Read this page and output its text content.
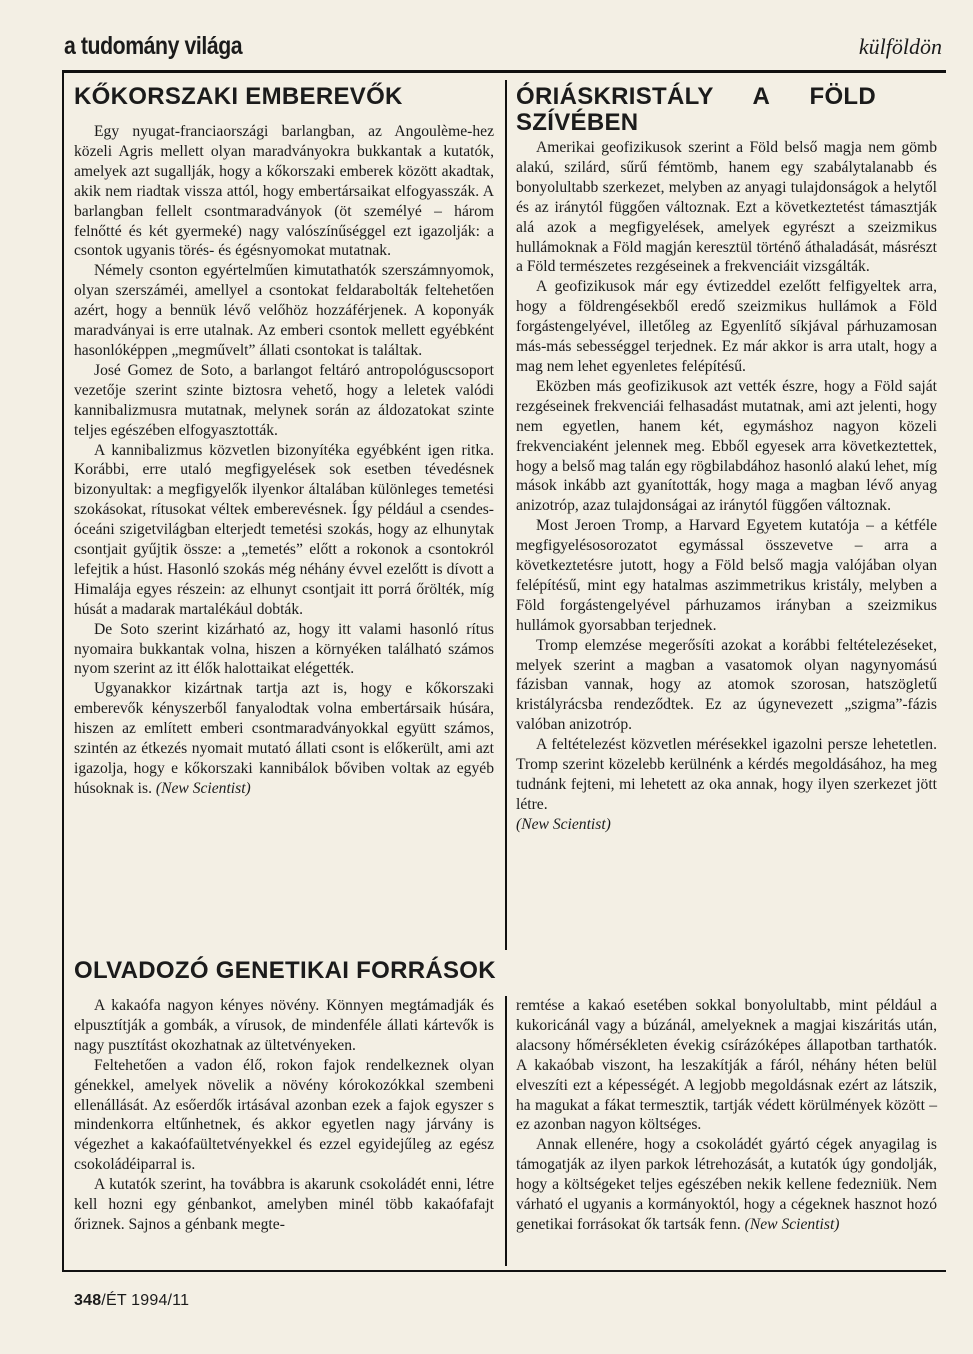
a tudomány világa	külföldön
KŐKORSZAKI EMBEREVŐK

Egy nyugat-franciaországi barlangban, az Angoulème-hez közeli Agris mellett olyan maradványokra bukkantak a kutatók, amelyek azt sugallják, hogy a kőkorszaki emberek között akadtak, akik nem riadtak vissza attól, hogy embertársaikat elfogyasszák. A barlangban fellelt csontmaradványok (öt személyé – három felnőtté és két gyermeké) nagy valószínűséggel ezt igazolják: a csontok ugyanis törés- és égésnyomokat mutatnak.

Némely csonton egyértelműen kimutathatók szerszámnyomok, olyan szerszáméi, amellyel a csontokat feldarabolták feltehetően azért, hogy a bennük lévő velőhöz hozzáférjenek. A koponyák maradványai is erre utalnak. Az emberi csontok mellett egyébként hasonlóképpen „megművelt” állati csontokat is találtak.

José Gomez de Soto, a barlangot feltáró antropológuscsoport vezetője szerint szinte biztosra vehető, hogy a leletek valódi kannibalizmusra mutatnak, melynek során az áldozatokat szinte teljes egészében elfogyasztották.

A kannibalizmus közvetlen bizonyítéka egyébként igen ritka. Korábbi, erre utaló megfigyelések sok esetben tévedésnek bizonyultak: a megfigyelők ilyenkor általában különleges temetési szokásokat, rítusokat véltek emberevésnek. Így például a csendes-óceáni szigetvilágban elterjedt temetési szokás, hogy az elhunytak csontjait gyűjtik össze: a „temetés” előtt a rokonok a csontokról lefejtik a húst. Hasonló szokás még néhány évvel ezelőtt is dívott a Himalája egyes részein: az elhunyt csontjait itt porrá őrölték, míg húsát a madarak martalékául dobták.

De Soto szerint kizárható az, hogy itt valami hasonló rítus nyomaira bukkantak volna, hiszen a környéken található számos nyom szerint az itt élők halottaikat elégették.

Ugyanakkor kizártnak tartja azt is, hogy e kőkorszaki emberevők kényszerből fanyalodtak volna embertársaik húsára, hiszen az említett emberi csontmaradványokkal együtt számos, szintén az étkezés nyomait mutató állati csont is előkerült, ami azt igazolja, hogy e kőkorszaki kannibálok bőviben voltak az egyéb húsoknak is. (New Scientist)

ÓRIÁSKRISTÁLY A FÖLD SZÍVÉBEN

Amerikai geofizikusok szerint a Föld belső magja nem gömb alakú, szilárd, sűrű fémtömb, hanem egy szabálytalanabb és bonyolultabb szerkezet, melyben az anyagi tulajdonságok a helytől és az iránytól függően változnak. Ezt a következtetést támasztják alá azok a megfigyelések, amelyek egyrészt a szeizmikus hullámoknak a Föld magján keresztül történő áthaladását, másrészt a Föld természetes rezgéseinek a frekvenciáit vizsgálták.

A geofizikusok már egy évtizeddel ezelőtt felfigyeltek arra, hogy a földrengésekből eredő szeizmikus hullámok a Föld forgástengelyével, illetőleg az Egyenlítő síkjával párhuzamosan más-más sebességgel terjednek. Ez már akkor is arra utalt, hogy a mag nem lehet egyenletes felépítésű.

Eközben más geofizikusok azt vették észre, hogy a Föld saját rezgéseinek frekvenciái felhasadást mutatnak, ami azt jelenti, hogy nem egyetlen, hanem két, egymáshoz nagyon közeli frekvenciaként jelennek meg. Ebből egyesek arra következtettek, hogy a belső mag talán egy rögbilabdához hasonló alakú lehet, míg mások inkább azt gyanították, hogy maga a magban lévő anyag anizotróp, azaz tulajdonságai az iránytól függően változnak.

Most Jeroen Tromp, a Harvard Egyetem kutatója – a kétféle megfigyelésosorozatot egymással összevetve – arra a következtetésre jutott, hogy a Föld belső magja valójában olyan felépítésű, mint egy hatalmas aszimmetrikus kristály, melyben a Föld forgástengelyével párhuzamos irányban a szeizmikus hullámok gyorsabban terjednek.

Tromp elemzése megerősíti azokat a korábbi feltételezéseket, melyek szerint a magban a vasatomok olyan nagynyomású fázisban vannak, hogy az atomok szorosan, hatszögletű kristályrácsba rendeződtek. Ez az úgynevezett „szigma”-fázis valóban anizotróp.

A feltételezést közvetlen mérésekkel igazolni persze lehetetlen. Tromp szerint közelebb kerülnénk a kérdés megoldásához, ha meg tudnánk fejteni, mi lehetett az oka annak, hogy ilyen szerkezet jött létre.

(New Scientist)

OLVADOZÓ GENETIKAI FORRÁSOK

A kakaófa nagyon kényes növény. Könnyen megtámadják és elpusztítják a gombák, a vírusok, de mindenféle állati kártevők is nagy pusztítást okozhatnak az ültetvényeken.

Feltehetően a vadon élő, rokon fajok rendelkeznek olyan génekkel, amelyek növelik a növény kórokozókkal szembeni ellenállását. Az esőerdők irtásával azonban ezek a fajok egyszer s mindenkorra eltűnhetnek, és akkor egyetlen nagy járvány is végezhet a kakaófaültetvényekkel és ezzel egyidejűleg az egész csokoládéiparral is.

A kutatók szerint, ha továbbra is akarunk csokoládét enni, létre kell hozni egy génbankot, amelyben minél több kakaófafajt őriznek. Sajnos a génbank megte-

remtése a kakaó esetében sokkal bonyolultabb, mint például a kukoricánál vagy a búzánál, amelyeknek a magjai kiszáritás után, alacsony hőmérsékleten évekig csírázóképes állapotban tarthatók. A kakaóbab viszont, ha leszakítják a fáról, néhány héten belül elveszíti ezt a képességét. A legjobb megoldásnak ezért az látszik, ha magukat a fákat termesztik, tartják védett körülmények között – ez azonban nagyon költséges.

Annak ellenére, hogy a csokoládét gyártó cégek anyagilag is támogatják az ilyen parkok létrehozását, a kutatók úgy gondolják, hogy a költségeket teljes egészében nekik kellene fedezniük. Nem várható el ugyanis a kormányoktól, hogy a cégeknek hasznot hozó genetikai forrásokat ők tartsák fenn. (New Scientist)

348/ÉT 1994/11
